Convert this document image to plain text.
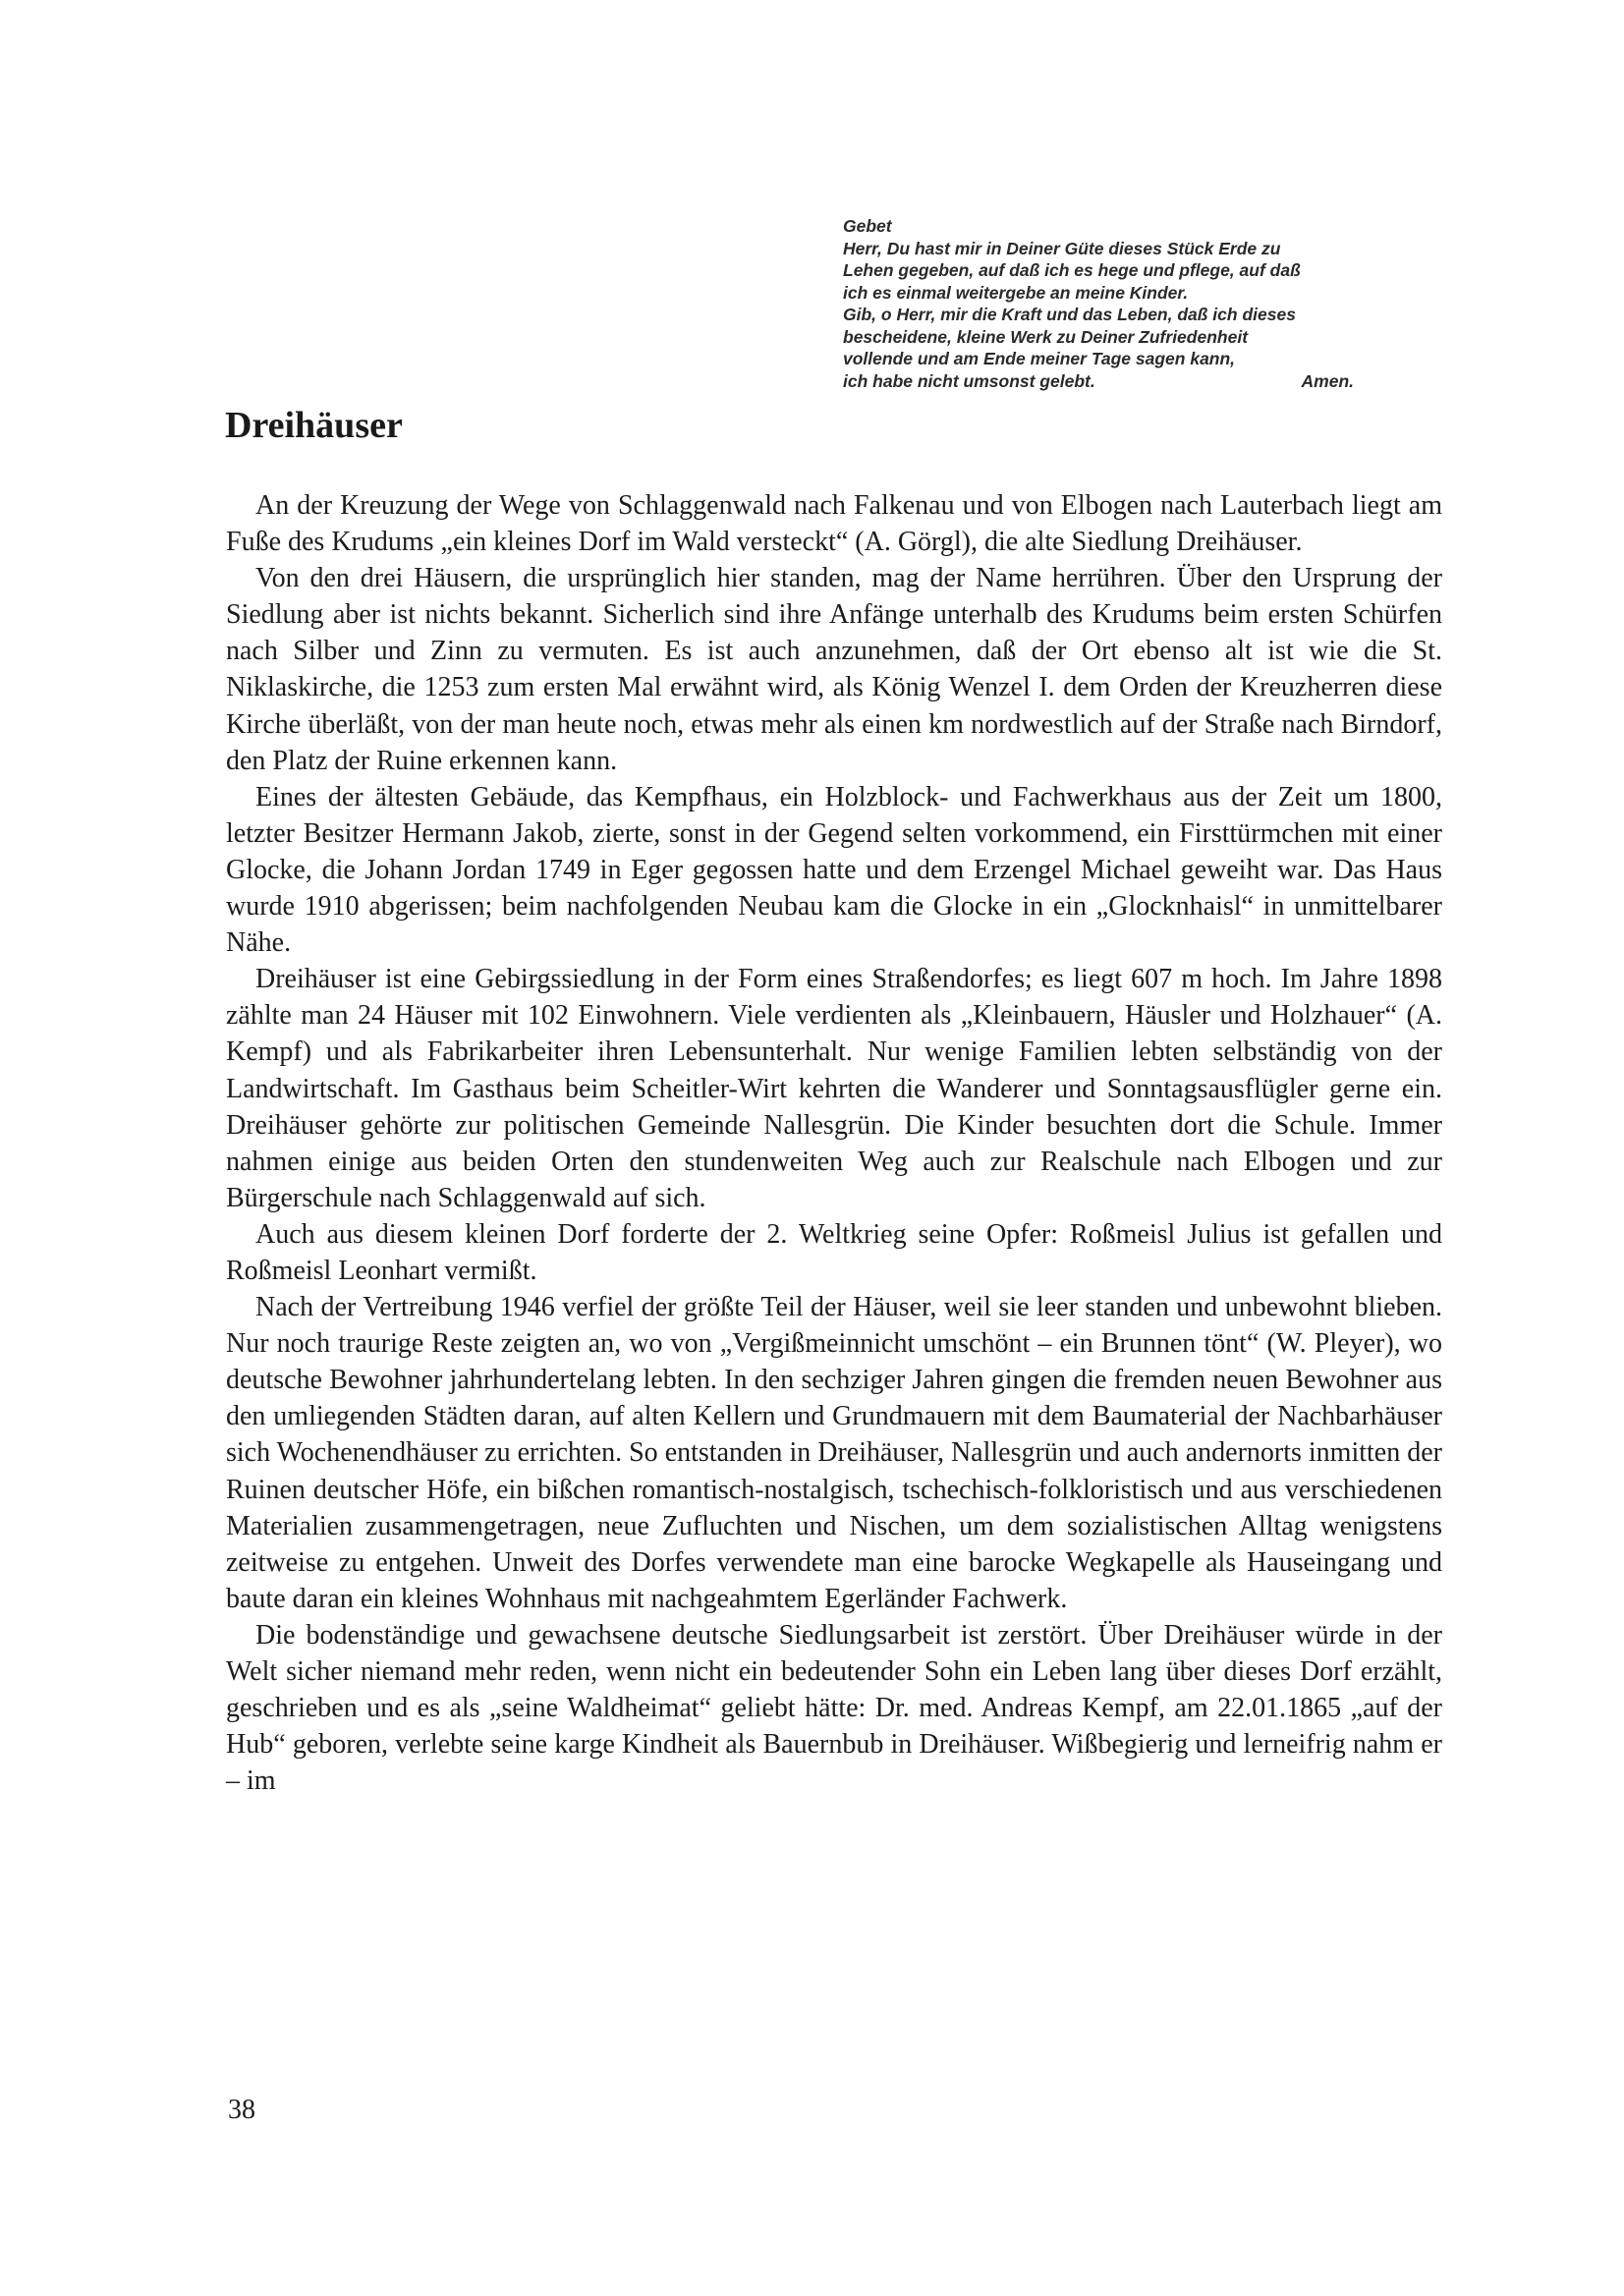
Gebet
Herr, Du hast mir in Deiner Güte dieses Stück Erde zu
Lehen gegeben, auf daß ich es hege und pflege, auf daß
ich es einmal weitergebe an meine Kinder.
Gib, o Herr, mir die Kraft und das Leben, daß ich dieses
bescheidene, kleine Werk zu Deiner Zufriedenheit
vollende und am Ende meiner Tage sagen kann,
ich habe nicht umsonst gelebt.	Amen.
Dreihäuser

An der Kreuzung der Wege von Schlaggenwald nach Falkenau und von Elbogen nach Lauterbach liegt am Fuße des Krudums „ein kleines Dorf im Wald versteckt“ (A. Görgl), die alte Siedlung Dreihäuser.

Von den drei Häusern, die ursprünglich hier standen, mag der Name herrühren. Über den Ursprung der Siedlung aber ist nichts bekannt. Sicherlich sind ihre Anfänge unterhalb des Krudums beim ersten Schürfen nach Silber und Zinn zu vermuten. Es ist auch anzunehmen, daß der Ort ebenso alt ist wie die St. Niklaskirche, die 1253 zum ersten Mal erwähnt wird, als König Wenzel I. dem Orden der Kreuzherren diese Kirche überläßt, von der man heute noch, etwas mehr als einen km nordwestlich auf der Straße nach Birndorf, den Platz der Ruine erkennen kann.

Eines der ältesten Gebäude, das Kempfhaus, ein Holzblock- und Fachwerkhaus aus der Zeit um 1800, letzter Besitzer Hermann Jakob, zierte, sonst in der Gegend selten vorkommend, ein Firsttürmchen mit einer Glocke, die Johann Jordan 1749 in Eger gegossen hatte und dem Erzengel Michael geweiht war. Das Haus wurde 1910 abgerissen; beim nachfolgenden Neubau kam die Glocke in ein „Glocknhaisl“ in unmittelbarer Nähe.

Dreihäuser ist eine Gebirgssiedlung in der Form eines Straßendorfes; es liegt 607 m hoch. Im Jahre 1898 zählte man 24 Häuser mit 102 Einwohnern. Viele verdienten als „Kleinbauern, Häusler und Holzhauer“ (A. Kempf) und als Fabrikarbeiter ihren Lebensunterhalt. Nur wenige Familien lebten selbständig von der Landwirtschaft. Im Gasthaus beim Scheitler-Wirt kehrten die Wanderer und Sonntagsausflügler gerne ein. Dreihäuser gehörte zur politischen Gemeinde Nallesgrün. Die Kinder besuchten dort die Schule. Immer nahmen einige aus beiden Orten den stundenweiten Weg auch zur Realschule nach Elbogen und zur Bürgerschule nach Schlaggenwald auf sich.

Auch aus diesem kleinen Dorf forderte der 2. Weltkrieg seine Opfer: Roßmeisl Julius ist gefallen und Roßmeisl Leonhart vermißt.

Nach der Vertreibung 1946 verfiel der größte Teil der Häuser, weil sie leer standen und unbewohnt blieben. Nur noch traurige Reste zeigten an, wo von „Vergißmeinnicht umschönt – ein Brunnen tönt“ (W. Pleyer), wo deutsche Bewohner jahrhundertelang lebten. In den sechziger Jahren gingen die fremden neuen Bewohner aus den umliegenden Städten daran, auf alten Kellern und Grundmauern mit dem Baumaterial der Nachbarhäuser sich Wochenendhäuser zu errichten. So entstanden in Dreihäuser, Nallesgrün und auch andernorts inmitten der Ruinen deutscher Höfe, ein bißchen romantisch-nostalgisch, tschechisch-folkloristisch und aus verschiedenen Materialien zusammengetragen, neue Zufluchten und Nischen, um dem sozialistischen Alltag wenigstens zeitweise zu entgehen. Unweit des Dorfes verwendete man eine barocke Wegkapelle als Hauseingang und baute daran ein kleines Wohnhaus mit nachgeahmtem Egerländer Fachwerk.

Die bodenständige und gewachsene deutsche Siedlungsarbeit ist zerstört. Über Dreihäuser würde in der Welt sicher niemand mehr reden, wenn nicht ein bedeutender Sohn ein Leben lang über dieses Dorf erzählt, geschrieben und es als „seine Waldheimat“ geliebt hätte: Dr. med. Andreas Kempf, am 22.01.1865 „auf der Hub“ geboren, verlebte seine karge Kindheit als Bauernbub in Dreihäuser. Wißbegierig und lerneifrig nahm er – im

38
